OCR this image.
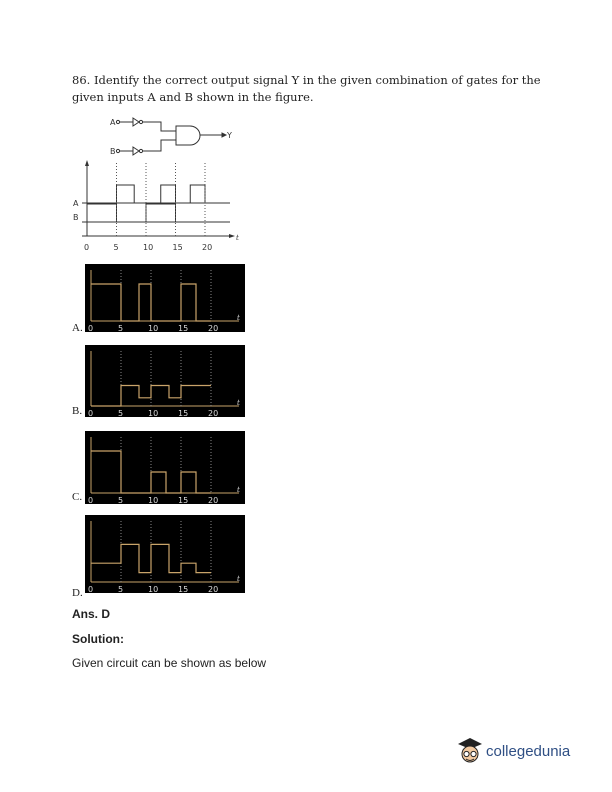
86. Identify the correct output signal Y in the given combination of gates for the given inputs A and B shown in the figure.
A
B
Y
A
B
0	5	10 15 20
t
0	5	10 15 20
t
0	5	10 15 20
t
0	5	10 15 20
t
0	5	10 15 20
t
A.
B.
C.
D.
Ans. D
Solution:
Given circuit can be shown as below
collegedunia
